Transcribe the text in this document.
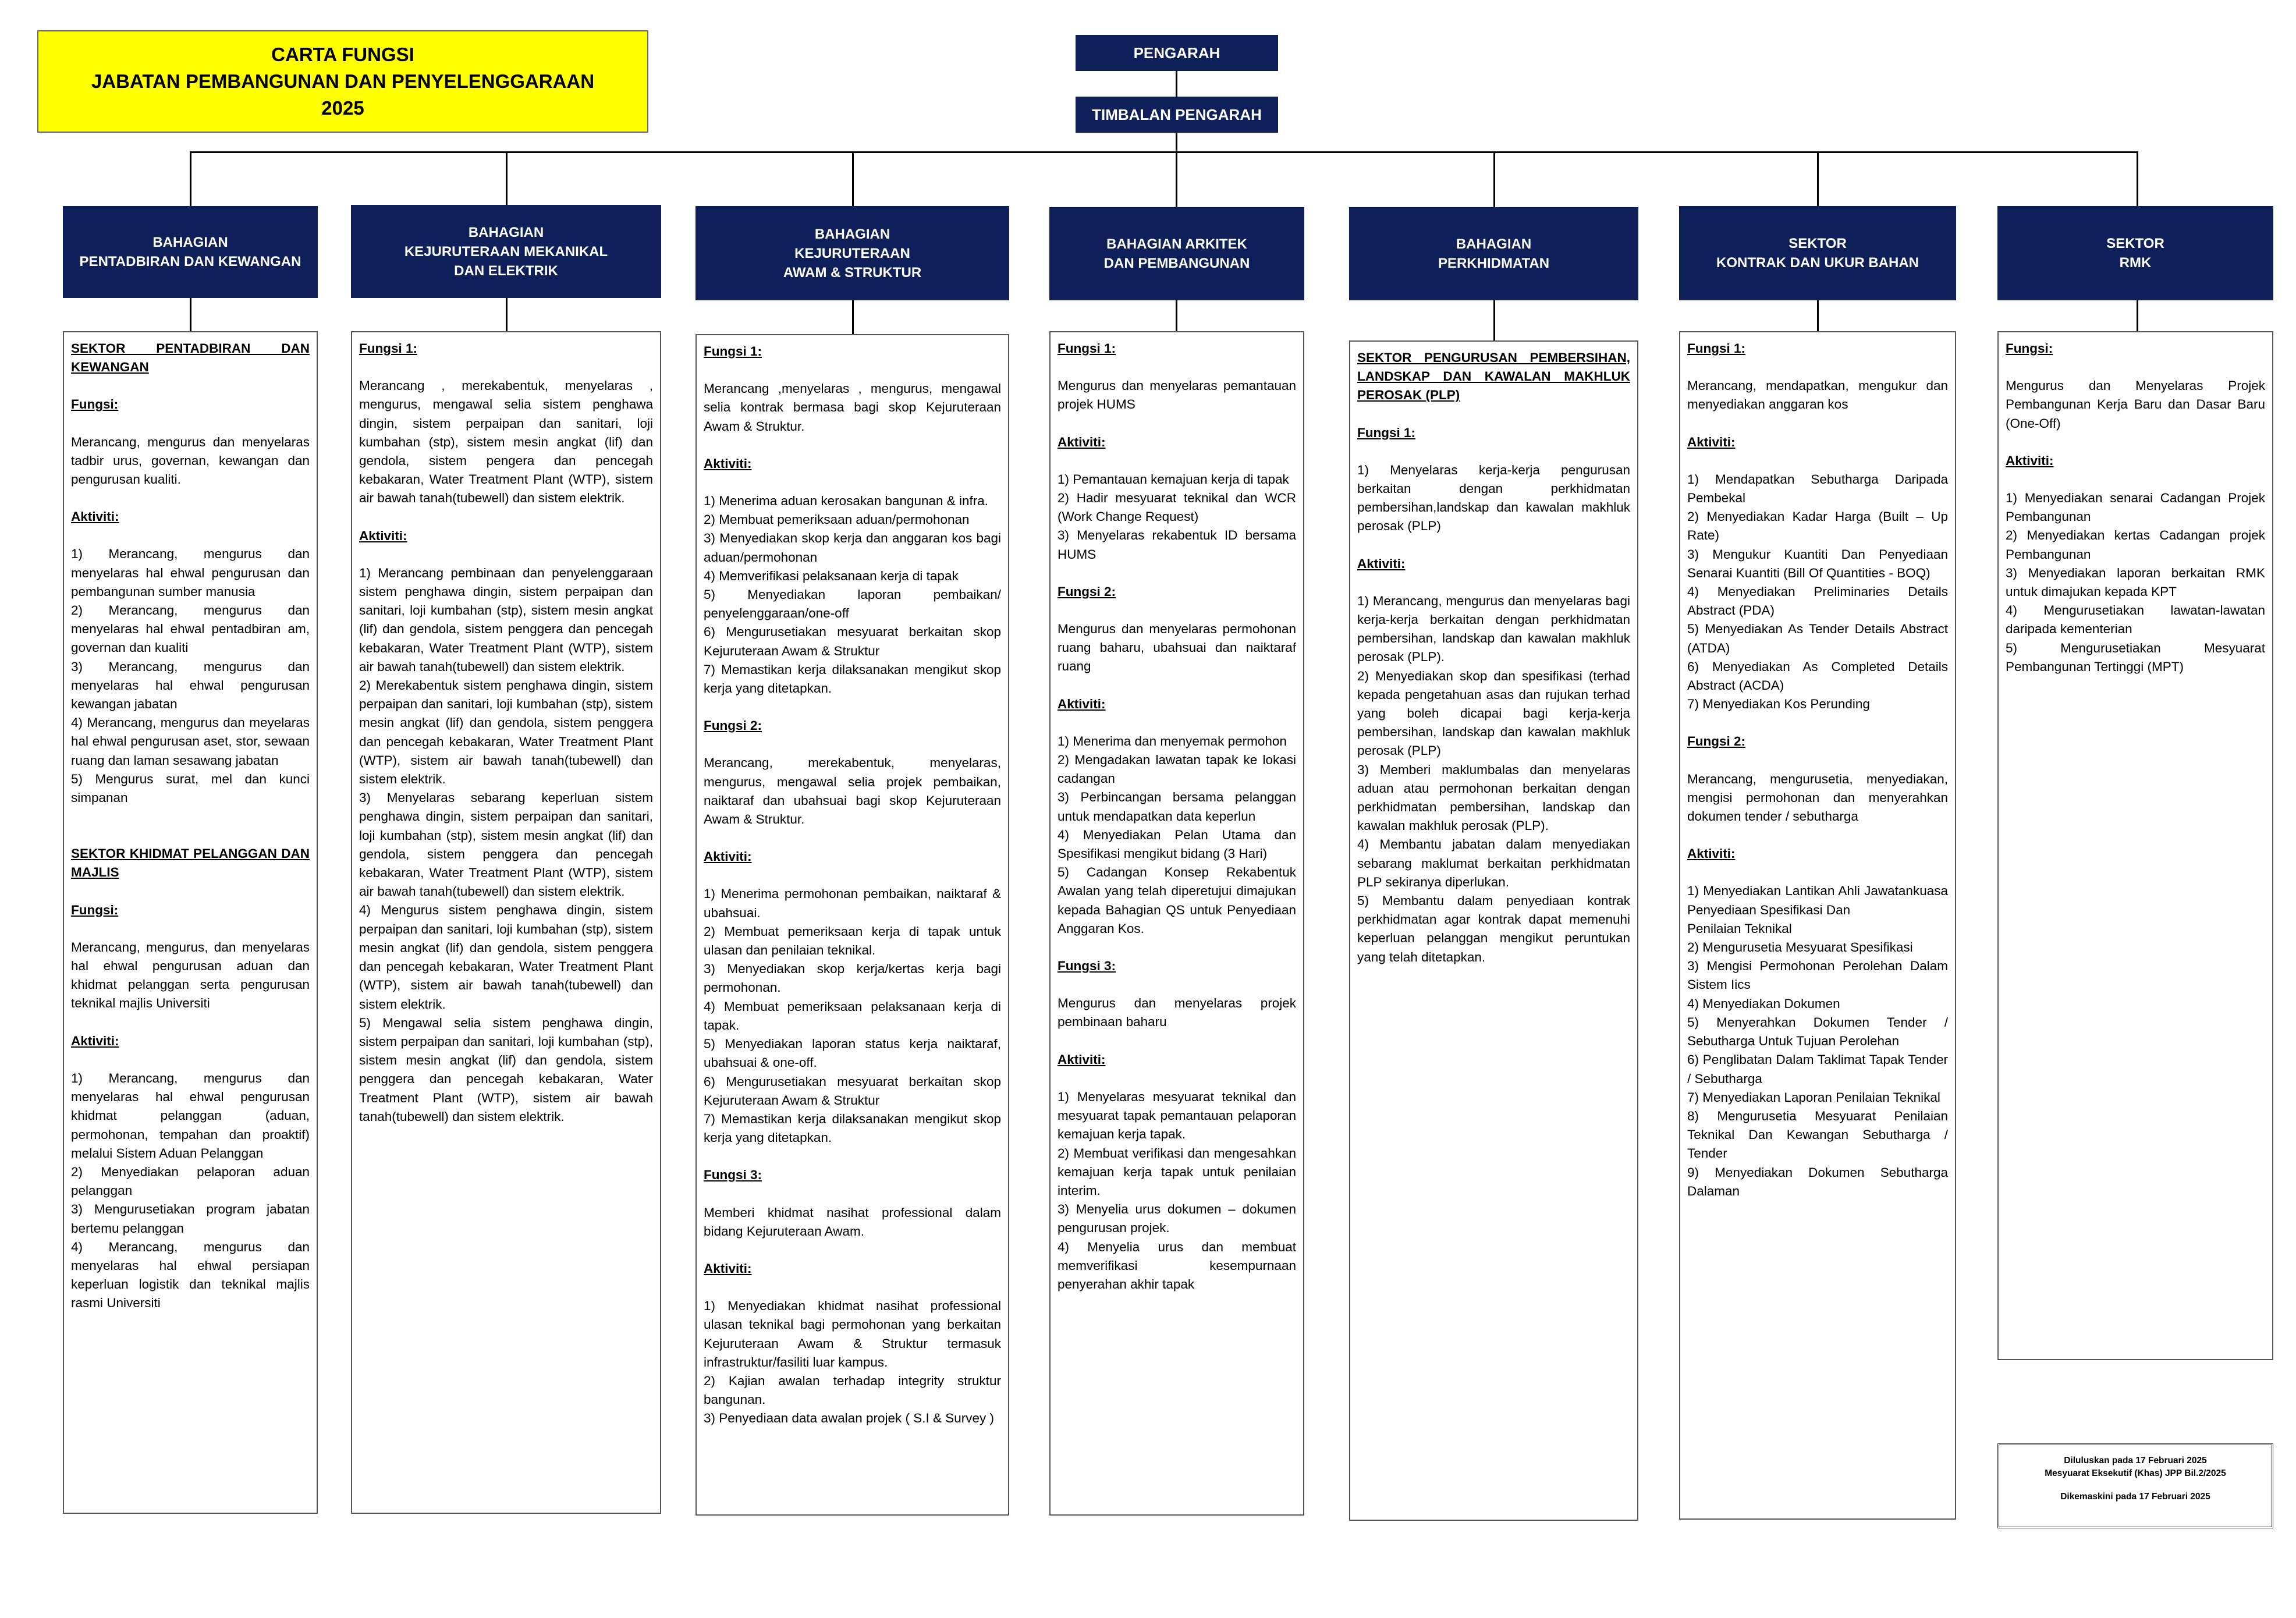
CARTA FUNGSI
JABATAN PEMBANGUNAN DAN PENYELENGGARAAN
2025
PENGARAH
TIMBALAN PENGARAH
BAHAGIAN
PENTADBIRAN DAN KEWANGAN

SEKTOR PENTADBIRAN DAN KEWANGAN

Fungsi:

Merancang, mengurus dan menyelaras tadbir urus, governan, kewangan dan pengurusan kualiti.

Aktiviti:

1) Merancang, mengurus dan menyelaras hal ehwal pengurusan dan pembangunan sumber manusia

2) Merancang, mengurus dan menyelaras hal ehwal pentadbiran am, governan dan kualiti

3) Merancang, mengurus dan menyelaras hal ehwal pengurusan kewangan jabatan

4) Merancang, mengurus dan meyelaras hal ehwal pengurusan aset, stor, sewaan ruang dan laman sesawang jabatan

5) Mengurus surat, mel dan kunci simpanan

SEKTOR KHIDMAT PELANGGAN DAN MAJLIS

Fungsi:

Merancang, mengurus, dan menyelaras hal ehwal pengurusan aduan dan khidmat pelanggan serta pengurusan teknikal majlis Universiti

Aktiviti:

1) Merancang, mengurus dan menyelaras hal ehwal pengurusan khidmat pelanggan (aduan, permohonan, tempahan dan proaktif) melalui Sistem Aduan Pelanggan

2) Menyediakan pelaporan aduan pelanggan

3) Mengurusetiakan program jabatan bertemu pelanggan

4) Merancang, mengurus dan menyelaras hal ehwal persiapan keperluan logistik dan teknikal majlis rasmi Universiti

BAHAGIAN
KEJURUTERAAN MEKANIKAL
DAN ELEKTRIK

Fungsi 1:

Merancang , merekabentuk, menyelaras , mengurus, mengawal selia sistem penghawa dingin, sistem perpaipan dan sanitari, loji kumbahan (stp), sistem mesin angkat (lif) dan gendola, sistem pengera dan pencegah kebakaran, Water Treatment Plant (WTP), sistem air bawah tanah(tubewell) dan sistem elektrik.

Aktiviti:

1) Merancang pembinaan dan penyelenggaraan sistem penghawa dingin, sistem perpaipan dan sanitari, loji kumbahan (stp), sistem mesin angkat (lif) dan gendola, sistem penggera dan pencegah kebakaran, Water Treatment Plant (WTP), sistem air bawah tanah(tubewell) dan sistem elektrik.

2) Merekabentuk sistem penghawa dingin, sistem perpaipan dan sanitari, loji kumbahan (stp), sistem mesin angkat (lif) dan gendola, sistem penggera dan pencegah kebakaran, Water Treatment Plant (WTP), sistem air bawah tanah(tubewell) dan sistem elektrik.

3) Menyelaras sebarang keperluan sistem penghawa dingin, sistem perpaipan dan sanitari, loji kumbahan (stp), sistem mesin angkat (lif) dan gendola, sistem penggera dan pencegah kebakaran, Water Treatment Plant (WTP), sistem air bawah tanah(tubewell) dan sistem elektrik.

4) Mengurus sistem penghawa dingin, sistem perpaipan dan sanitari, loji kumbahan (stp), sistem mesin angkat (lif) dan gendola, sistem penggera dan pencegah kebakaran, Water Treatment Plant (WTP), sistem air bawah tanah(tubewell) dan sistem elektrik.

5) Mengawal selia sistem penghawa dingin, sistem perpaipan dan sanitari, loji kumbahan (stp), sistem mesin angkat (lif) dan gendola, sistem penggera dan pencegah kebakaran, Water Treatment Plant (WTP), sistem air bawah tanah(tubewell) dan sistem elektrik.

BAHAGIAN
KEJURUTERAAN
AWAM & STRUKTUR

Fungsi 1:

Merancang ,menyelaras , mengurus, mengawal selia kontrak bermasa bagi skop Kejuruteraan Awam & Struktur.

Aktiviti:

1) Menerima aduan kerosakan bangunan & infra.

2) Membuat pemeriksaan aduan/permohonan

3) Menyediakan skop kerja dan anggaran kos bagi aduan/permohonan

4) Memverifikasi pelaksanaan kerja di tapak

5) Menyediakan laporan pembaikan/ penyelenggaraan/one-off

6) Mengurusetiakan mesyuarat berkaitan skop Kejuruteraan Awam & Struktur

7) Memastikan kerja dilaksanakan mengikut skop kerja yang ditetapkan.

Fungsi 2:

Merancang, merekabentuk, menyelaras, mengurus, mengawal selia projek pembaikan, naiktaraf dan ubahsuai bagi skop Kejuruteraan Awam & Struktur.

Aktiviti:

1) Menerima permohonan pembaikan, naiktaraf & ubahsuai.

2) Membuat pemeriksaan kerja di tapak untuk ulasan dan penilaian teknikal.

3) Menyediakan skop kerja/kertas kerja bagi permohonan.

4) Membuat pemeriksaan pelaksanaan kerja di tapak.

5) Menyediakan laporan status kerja naiktaraf, ubahsuai & one-off.

6) Mengurusetiakan mesyuarat berkaitan skop Kejuruteraan Awam & Struktur

7) Memastikan kerja dilaksanakan mengikut skop kerja yang ditetapkan.

Fungsi 3:

Memberi khidmat nasihat professional dalam bidang Kejuruteraan Awam.

Aktiviti:

1) Menyediakan khidmat nasihat professional ulasan teknikal bagi permohonan yang berkaitan Kejuruteraan Awam & Struktur termasuk infrastruktur/fasiliti luar kampus.

2) Kajian awalan terhadap integrity struktur bangunan.

3) Penyediaan data awalan projek ( S.I & Survey )

BAHAGIAN ARKITEK
DAN PEMBANGUNAN

Fungsi 1:

Mengurus dan menyelaras pemantauan projek HUMS

Aktiviti:

1) Pemantauan kemajuan kerja di tapak

2) Hadir mesyuarat teknikal dan WCR (Work Change Request)

3) Menyelaras rekabentuk ID bersama HUMS

Fungsi 2:

Mengurus dan menyelaras permohonan ruang baharu, ubahsuai dan naiktaraf ruang

Aktiviti:

1) Menerima dan menyemak permohon

2) Mengadakan lawatan tapak ke lokasi cadangan

3) Perbincangan bersama pelanggan untuk mendapatkan data keperlun

4) Menyediakan Pelan Utama dan Spesifikasi mengikut bidang (3 Hari)

5) Cadangan Konsep Rekabentuk Awalan yang telah diperetujui dimajukan kepada Bahagian QS untuk Penyediaan Anggaran Kos.

Fungsi 3:

Mengurus dan menyelaras projek pembinaan baharu

Aktiviti:

1) Menyelaras mesyuarat teknikal dan mesyuarat tapak pemantauan pelaporan kemajuan kerja tapak.

2) Membuat verifikasi dan mengesahkan kemajuan kerja tapak untuk penilaian interim.

3) Menyelia urus dokumen – dokumen pengurusan projek.

4) Menyelia urus dan membuat memverifikasi kesempurnaan penyerahan akhir tapak

BAHAGIAN
PERKHIDMATAN

SEKTOR PENGURUSAN PEMBERSIHAN, LANDSKAP DAN KAWALAN MAKHLUK PEROSAK (PLP)

Fungsi 1:

1) Menyelaras kerja-kerja pengurusan berkaitan dengan perkhidmatan pembersihan,landskap dan kawalan makhluk perosak (PLP)

Aktiviti:

1) Merancang, mengurus dan menyelaras bagi kerja-kerja berkaitan dengan perkhidmatan pembersihan, landskap dan kawalan makhluk perosak (PLP).

2) Menyediakan skop dan spesifikasi (terhad kepada pengetahuan asas dan rujukan terhad yang boleh dicapai bagi kerja-kerja pembersihan, landskap dan kawalan makhluk perosak (PLP)

3) Memberi maklumbalas dan menyelaras aduan atau permohonan berkaitan dengan perkhidmatan pembersihan, landskap dan kawalan makhluk perosak (PLP).

4) Membantu jabatan dalam menyediakan sebarang maklumat berkaitan perkhidmatan PLP sekiranya diperlukan.

5) Membantu dalam penyediaan kontrak perkhidmatan agar kontrak dapat memenuhi keperluan pelanggan mengikut peruntukan yang telah ditetapkan.

SEKTOR
KONTRAK DAN UKUR BAHAN

Fungsi 1:

Merancang, mendapatkan, mengukur dan menyediakan anggaran kos

Aktiviti:

1) Mendapatkan Sebutharga Daripada Pembekal

2) Menyediakan Kadar Harga (Built – Up Rate)

3) Mengukur Kuantiti Dan Penyediaan Senarai Kuantiti (Bill Of Quantities - BOQ)

4) Menyediakan Preliminaries Details Abstract (PDA)

5) Menyediakan As Tender Details Abstract (ATDA)

6) Menyediakan As Completed Details Abstract (ACDA)

7) Menyediakan Kos Perunding

Fungsi 2:

Merancang, mengurusetia, menyediakan, mengisi permohonan dan menyerahkan dokumen tender / sebutharga

Aktiviti:

1) Menyediakan Lantikan Ahli Jawatankuasa Penyediaan Spesifikasi Dan

Penilaian Teknikal

2) Mengurusetia Mesyuarat Spesifikasi

3) Mengisi Permohonan Perolehan Dalam Sistem Iics

4) Menyediakan Dokumen

5) Menyerahkan Dokumen Tender / Sebutharga Untuk Tujuan Perolehan

6) Penglibatan Dalam Taklimat Tapak Tender / Sebutharga

7) Menyediakan Laporan Penilaian Teknikal

8) Mengurusetia Mesyuarat Penilaian Teknikal Dan Kewangan Sebutharga / Tender

9) Menyediakan Dokumen Sebutharga Dalaman

SEKTOR
RMK

Fungsi:

Mengurus dan Menyelaras Projek Pembangunan Kerja Baru dan Dasar Baru (One-Off)

Aktiviti:

1) Menyediakan senarai Cadangan Projek Pembangunan

2) Menyediakan kertas Cadangan projek Pembangunan

3) Menyediakan laporan berkaitan RMK untuk dimajukan kepada KPT

4) Mengurusetiakan lawatan-lawatan daripada kementerian

5) Mengurusetiakan Mesyuarat Pembangunan Tertinggi (MPT)

Diluluskan pada 17 Februari 2025
Mesyuarat Eksekutif (Khas) JPP Bil.2/2025
Dikemaskini pada 17 Februari 2025
